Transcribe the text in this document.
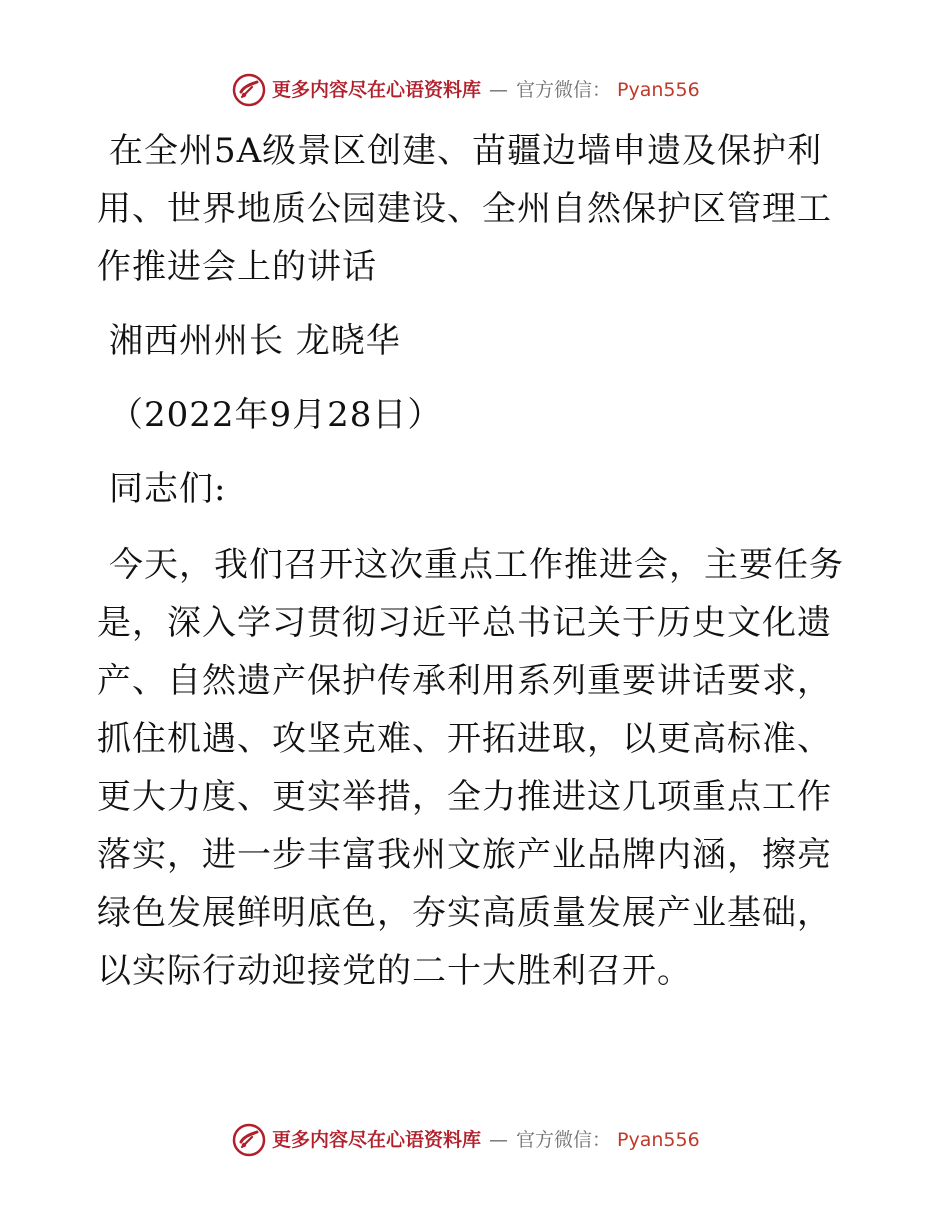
更多内容尽在心语资料库 — 官方微信： Pyan556
在全州5A级景区创建、苗疆边墙申遗及保护利用、世界地质公园建设、全州自然保护区管理工作推进会上的讲话

湘西州州长 龙晓华

（2022年9月28日）

同志们:

今天，我们召开这次重点工作推进会，主要任务是，深入学习贯彻习近平总书记关于历史文化遗产、自然遗产保护传承利用系列重要讲话要求，抓住机遇、攻坚克难、开拓进取，以更高标准、更大力度、更实举措，全力推进这几项重点工作落实，进一步丰富我州文旅产业品牌内涵，擦亮绿色发展鲜明底色，夯实高质量发展产业基础，以实际行动迎接党的二十大胜利召开。

更多内容尽在心语资料库 — 官方微信： Pyan556
